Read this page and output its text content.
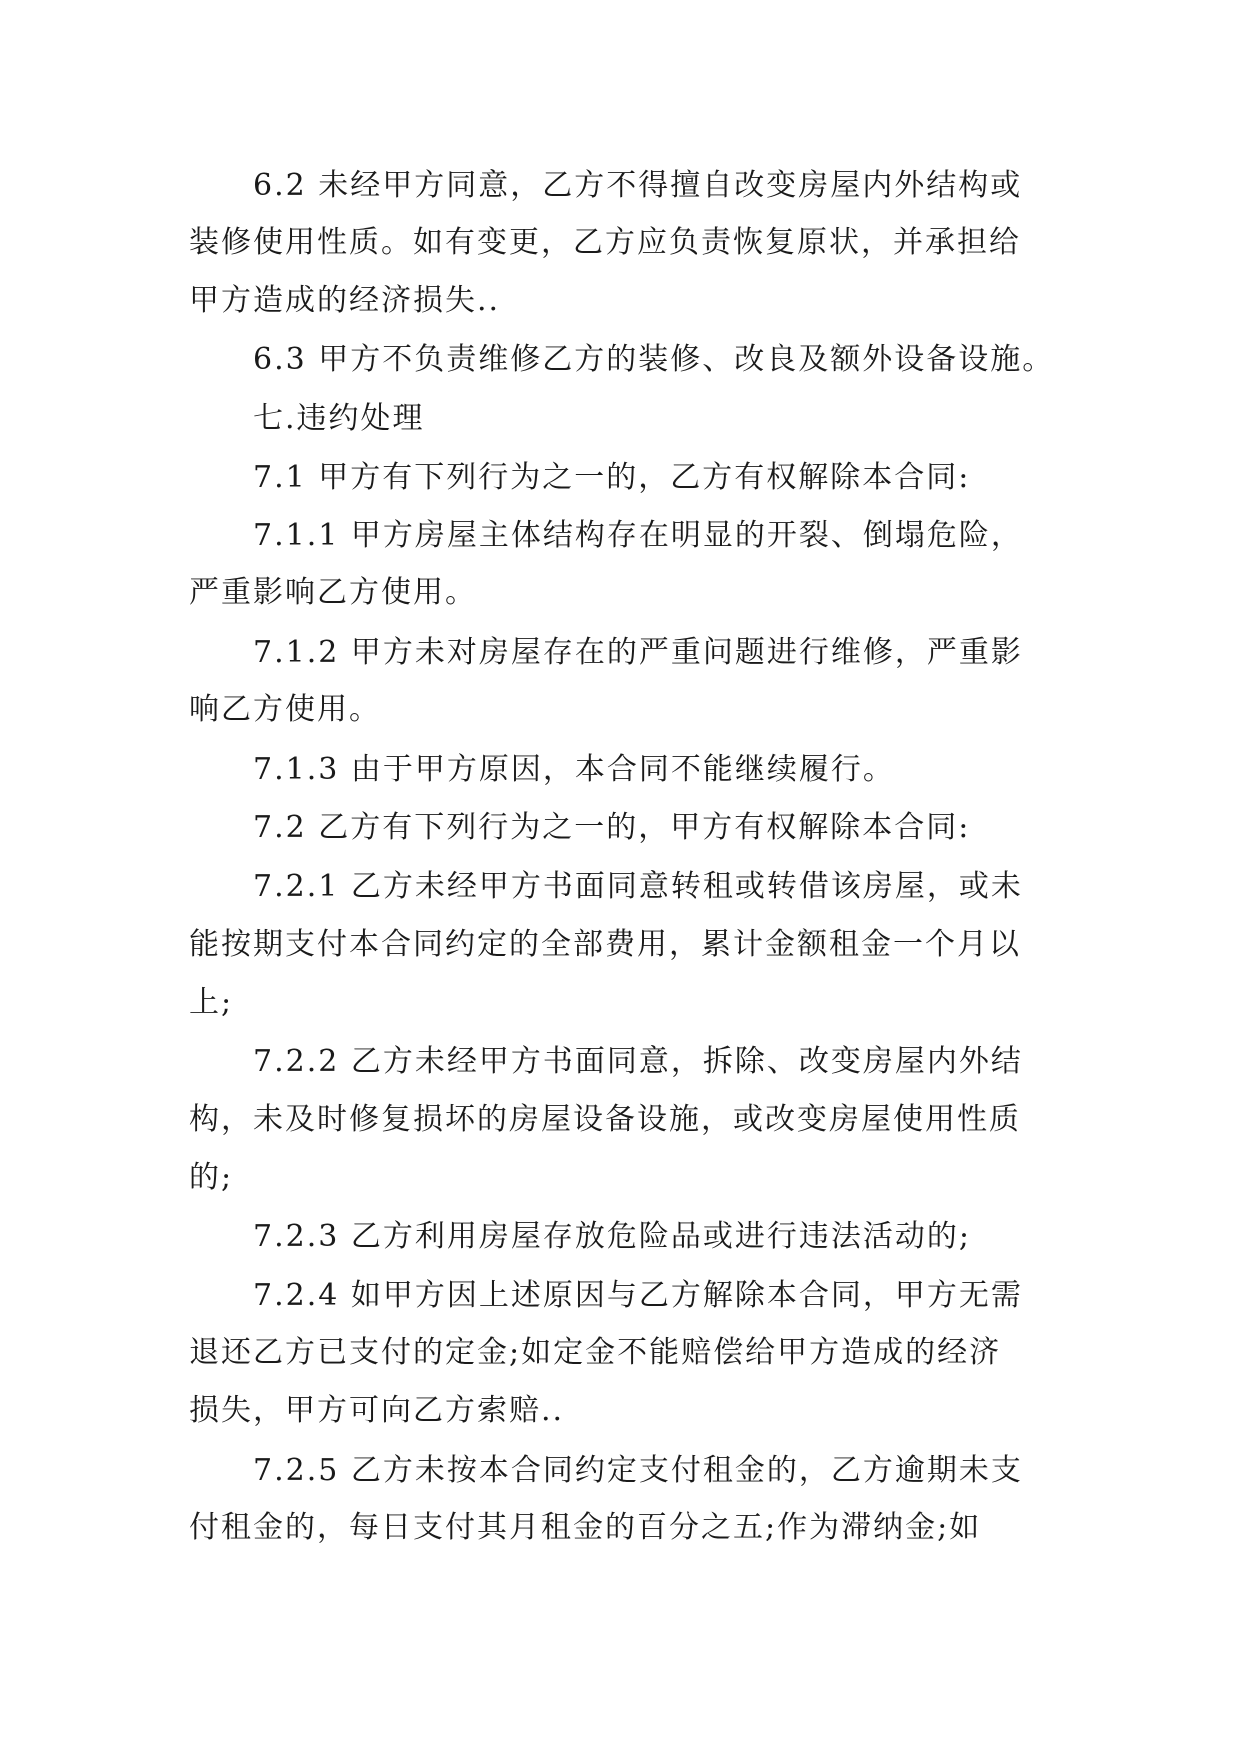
6.2 未经甲方同意，乙方不得擅自改变房屋内外结构或

装修使用性质。如有变更，乙方应负责恢复原状，并承担给

甲方造成的经济损失..

6.3 甲方不负责维修乙方的装修、改良及额外设备设施。

七.违约处理

7.1 甲方有下列行为之一的，乙方有权解除本合同:

7.1.1 甲方房屋主体结构存在明显的开裂、倒塌危险，

严重影响乙方使用。

7.1.2 甲方未对房屋存在的严重问题进行维修，严重影

响乙方使用。

7.1.3 由于甲方原因，本合同不能继续履行。

7.2 乙方有下列行为之一的，甲方有权解除本合同:

7.2.1 乙方未经甲方书面同意转租或转借该房屋，或未

能按期支付本合同约定的全部费用，累计金额租金一个月以

上;

7.2.2 乙方未经甲方书面同意，拆除、改变房屋内外结

构，未及时修复损坏的房屋设备设施，或改变房屋使用性质

的;

7.2.3 乙方利用房屋存放危险品或进行违法活动的;

7.2.4 如甲方因上述原因与乙方解除本合同，甲方无需

退还乙方已支付的定金;如定金不能赔偿给甲方造成的经济

损失，甲方可向乙方索赔..

7.2.5 乙方未按本合同约定支付租金的，乙方逾期未支

付租金的，每日支付其月租金的百分之五;作为滞纳金;如
